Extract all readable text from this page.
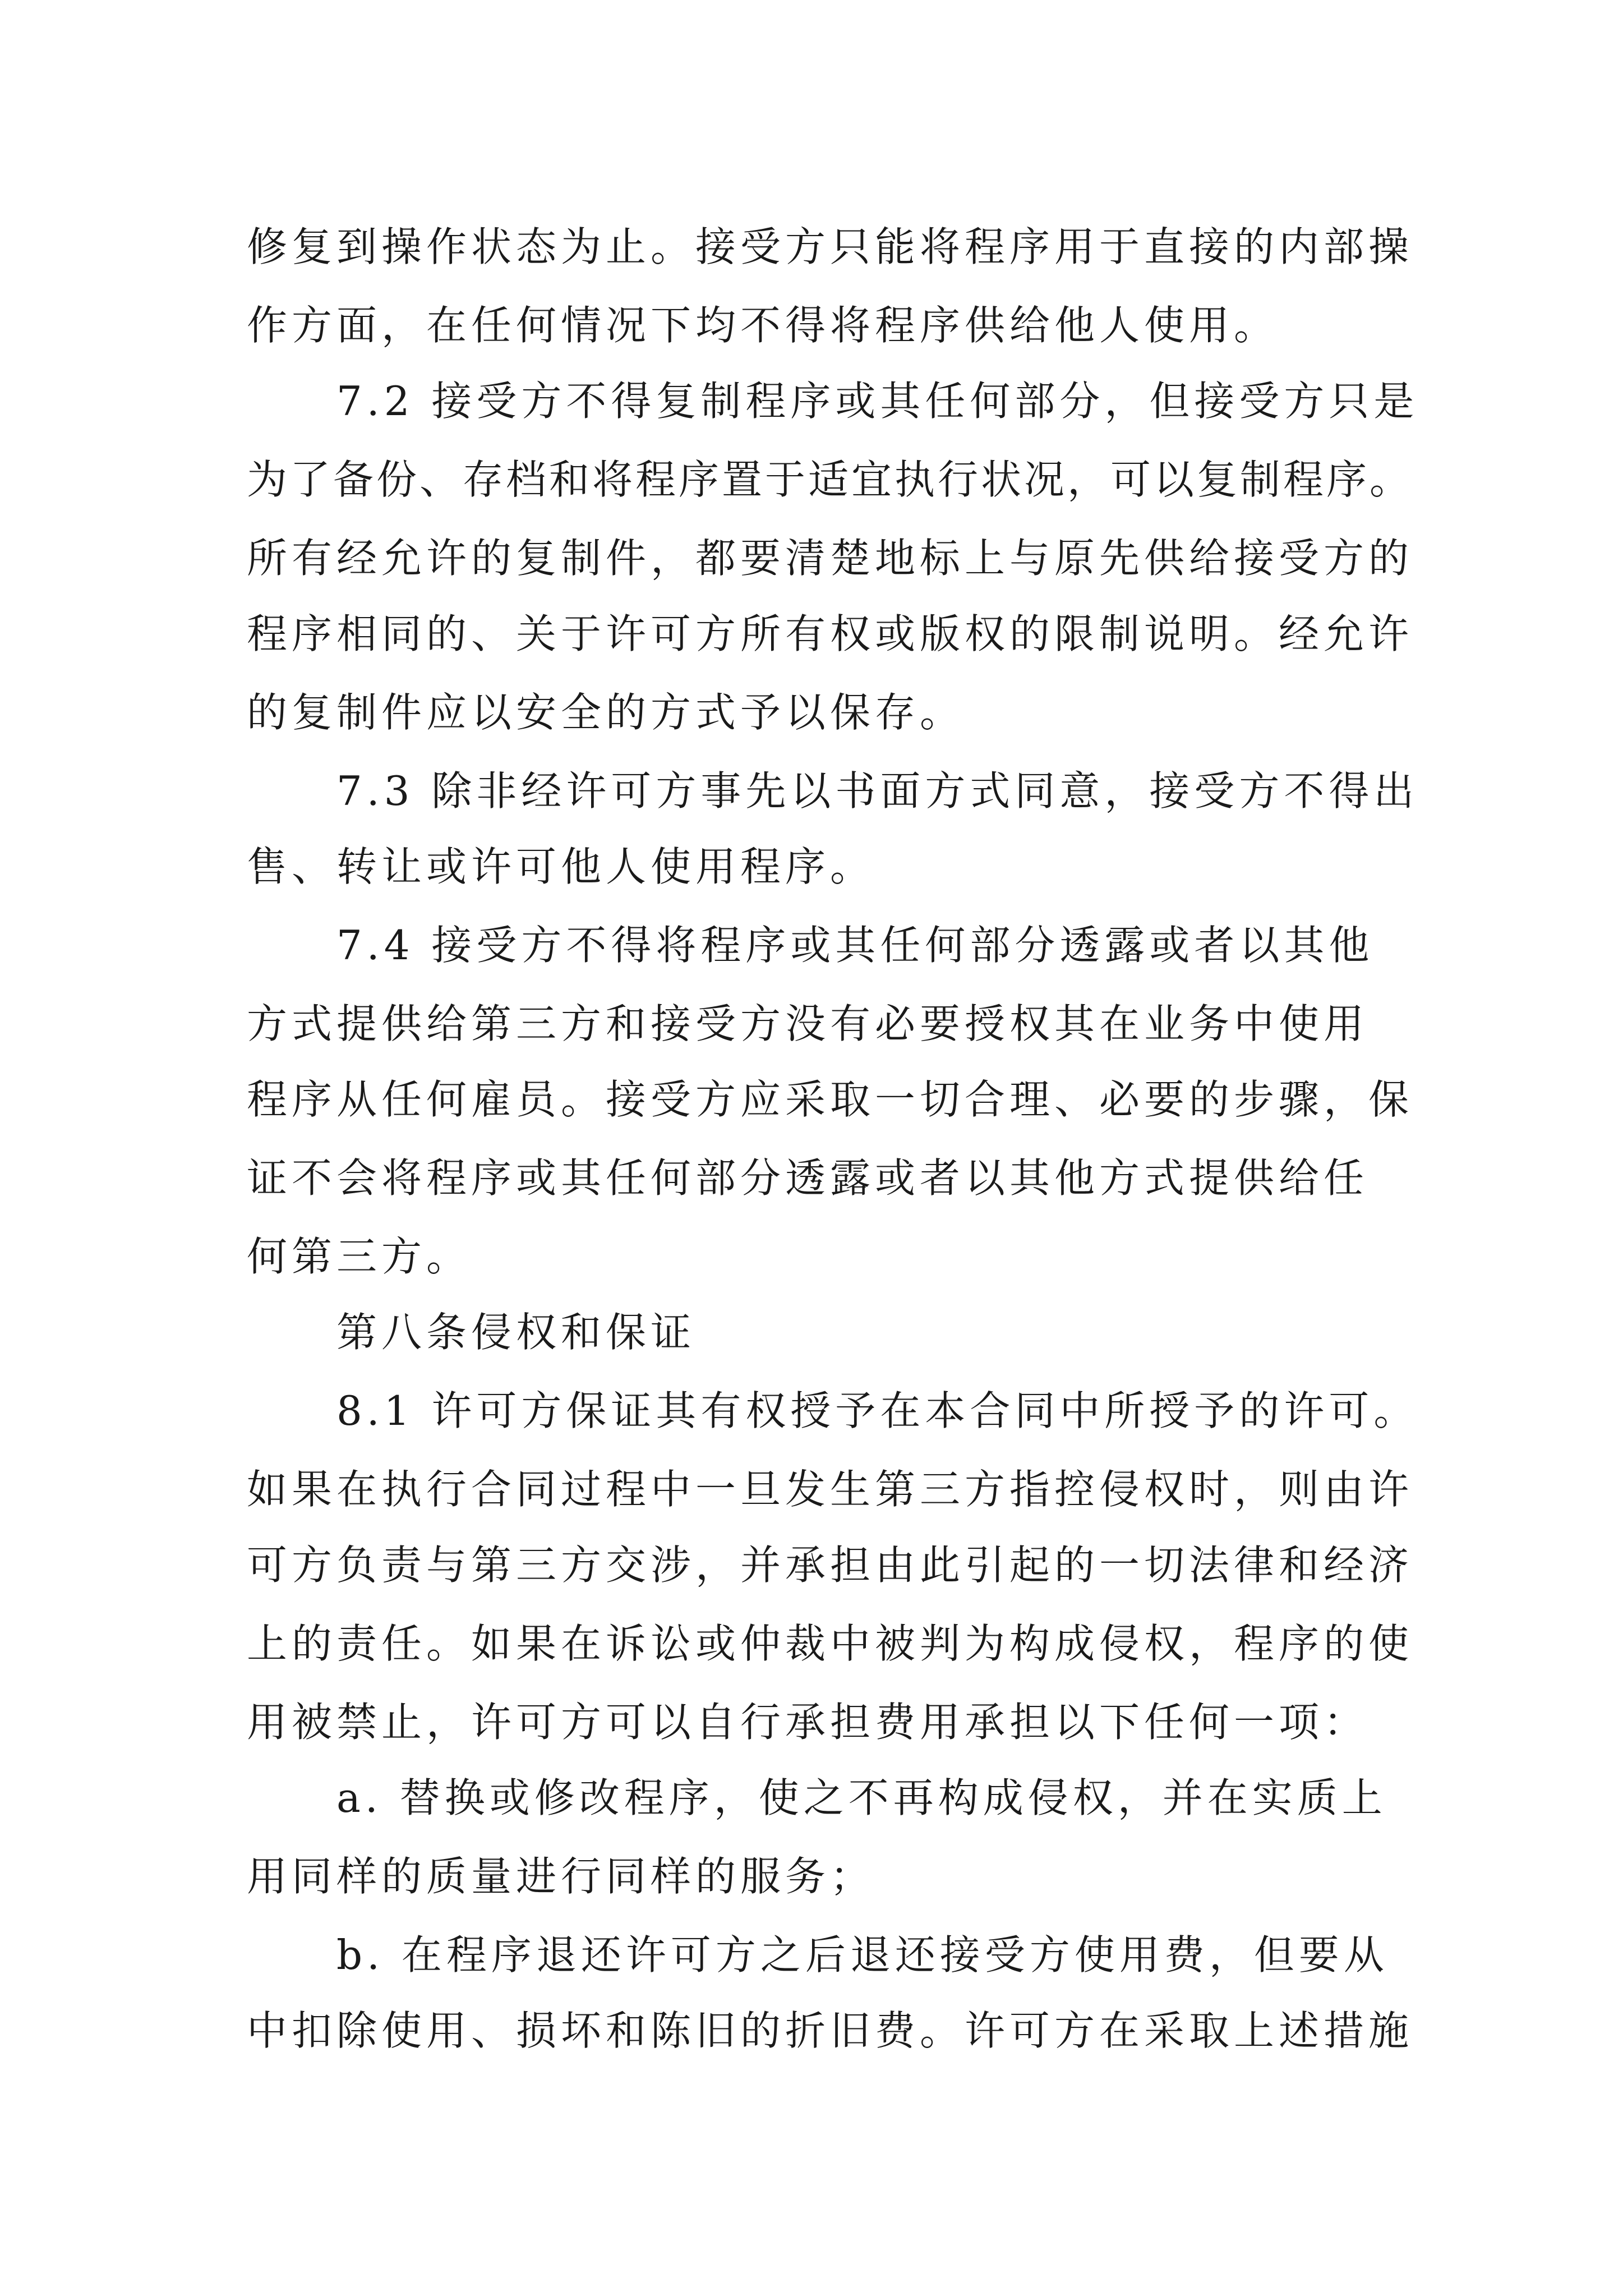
修复到操作状态为止。接受方只能将程序用于直接的内部操
作方面，在任何情况下均不得将程序供给他人使用。
7.2 接受方不得复制程序或其任何部分，但接受方只是
为了备份、存档和将程序置于适宜执行状况，可以复制程序。
所有经允许的复制件，都要清楚地标上与原先供给接受方的
程序相同的、关于许可方所有权或版权的限制说明。经允许
的复制件应以安全的方式予以保存。
7.3 除非经许可方事先以书面方式同意，接受方不得出
售、转让或许可他人使用程序。
7.4 接受方不得将程序或其任何部分透露或者以其他
方式提供给第三方和接受方没有必要授权其在业务中使用
程序从任何雇员。接受方应采取一切合理、必要的步骤，保
证不会将程序或其任何部分透露或者以其他方式提供给任
何第三方。
第八条侵权和保证
8.1 许可方保证其有权授予在本合同中所授予的许可。
如果在执行合同过程中一旦发生第三方指控侵权时，则由许
可方负责与第三方交涉，并承担由此引起的一切法律和经济
上的责任。如果在诉讼或仲裁中被判为构成侵权，程序的使
用被禁止，许可方可以自行承担费用承担以下任何一项：
a. 替换或修改程序，使之不再构成侵权，并在实质上
用同样的质量进行同样的服务；
b. 在程序退还许可方之后退还接受方使用费，但要从
中扣除使用、损坏和陈旧的折旧费。许可方在采取上述措施
